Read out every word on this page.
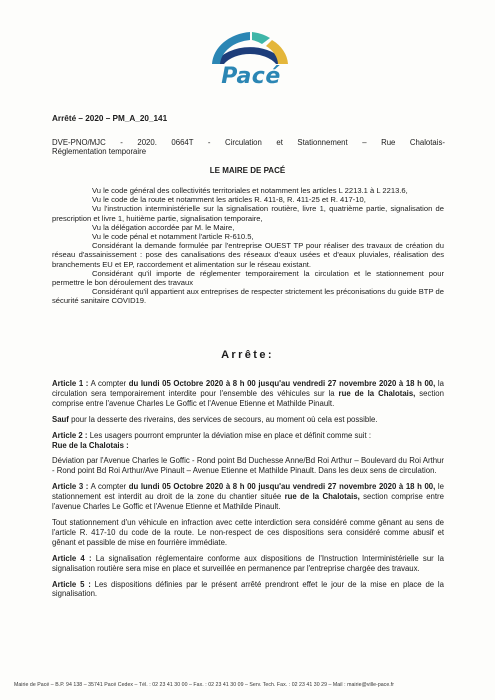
Pacé
Arrêté – 2020 – PM_A_20_141
DVE-PNO/MJC - 2020. 0664T - Circulation et Stationnement – Rue Chalotais-
Réglementation temporaire
LE MAIRE DE PACÉ

Vu le code général des collectivités territoriales et notamment les articles L 2213.1 à L 2213.6,

Vu le code de la route et notamment les articles R. 411-8, R. 411-25 et R. 417-10,

Vu l'instruction interministérielle sur la signalisation routière, livre 1, quatrième partie, signalisation de prescription et livre 1, huitième partie, signalisation temporaire,

Vu la délégation accordée par M. le Maire,

Vu le code pénal et notamment l'article R-610.5,

Considérant la demande formulée par l'entreprise OUEST TP pour réaliser des travaux de création du réseau d'assainissement : pose des canalisations des réseaux d'eaux usées et d'eaux pluviales, réalisation des branchements EU et EP, raccordement et alimentation sur le réseau existant.

Considérant qu'il importe de réglementer temporairement la circulation et le stationnement pour permettre le bon déroulement des travaux

Considérant qu'il appartient aux entreprises de respecter strictement les préconisations du guide BTP de sécurité sanitaire COVID19.

Arrête:

Article 1 : A compter du lundi 05 Octobre 2020 à 8 h 00 jusqu'au vendredi 27 novembre 2020 à 18 h 00, la circulation sera temporairement interdite pour l'ensemble des véhicules sur la rue de la Chalotais, section comprise entre l'avenue Charles Le Goffic et l'Avenue Etienne et Mathilde Pinault.

Sauf pour la desserte des riverains, des services de secours, au moment où cela est possible.

Article 2 : Les usagers pourront emprunter la déviation mise en place et définit comme suit :
Rue de la Chalotais :

Déviation par l'Avenue Charles le Goffic - Rond point Bd Duchesse Anne/Bd Roi Arthur – Boulevard du Roi Arthur - Rond point Bd Roi Arthur/Ave Pinault – Avenue Etienne et Mathilde Pinault. Dans les deux sens de circulation.

Article 3 : A compter du lundi 05 Octobre 2020 à 8 h 00 jusqu'au vendredi 27 novembre 2020 à 18 h 00, le stationnement est interdit au droit de la zone du chantier située rue de la Chalotais, section comprise entre l'avenue Charles Le Goffic et l'Avenue Etienne et Mathilde Pinault.

Tout stationnement d'un véhicule en infraction avec cette interdiction sera considéré comme gênant au sens de l'article R. 417-10 du code de la route. Le non-respect de ces dispositions sera considéré comme abusif et gênant et passible de mise en fourrière immédiate.

Article 4 : La signalisation réglementaire conforme aux dispositions de l'Instruction Interministérielle sur la signalisation routière sera mise en place et surveillée en permanence par l'entreprise chargée des travaux.

Article 5 : Les dispositions définies par le présent arrêté prendront effet le jour de la mise en place de la signalisation.

Mairie de Pacé – B.P. 94 138 – 35741 Pacé Cedex – Tél. : 02 23 41 30 00 – Fax. : 02 23 41 30 09 – Serv. Tech. Fax. : 02 23 41 30 29 – Mail : mairie@ville-pace.fr
